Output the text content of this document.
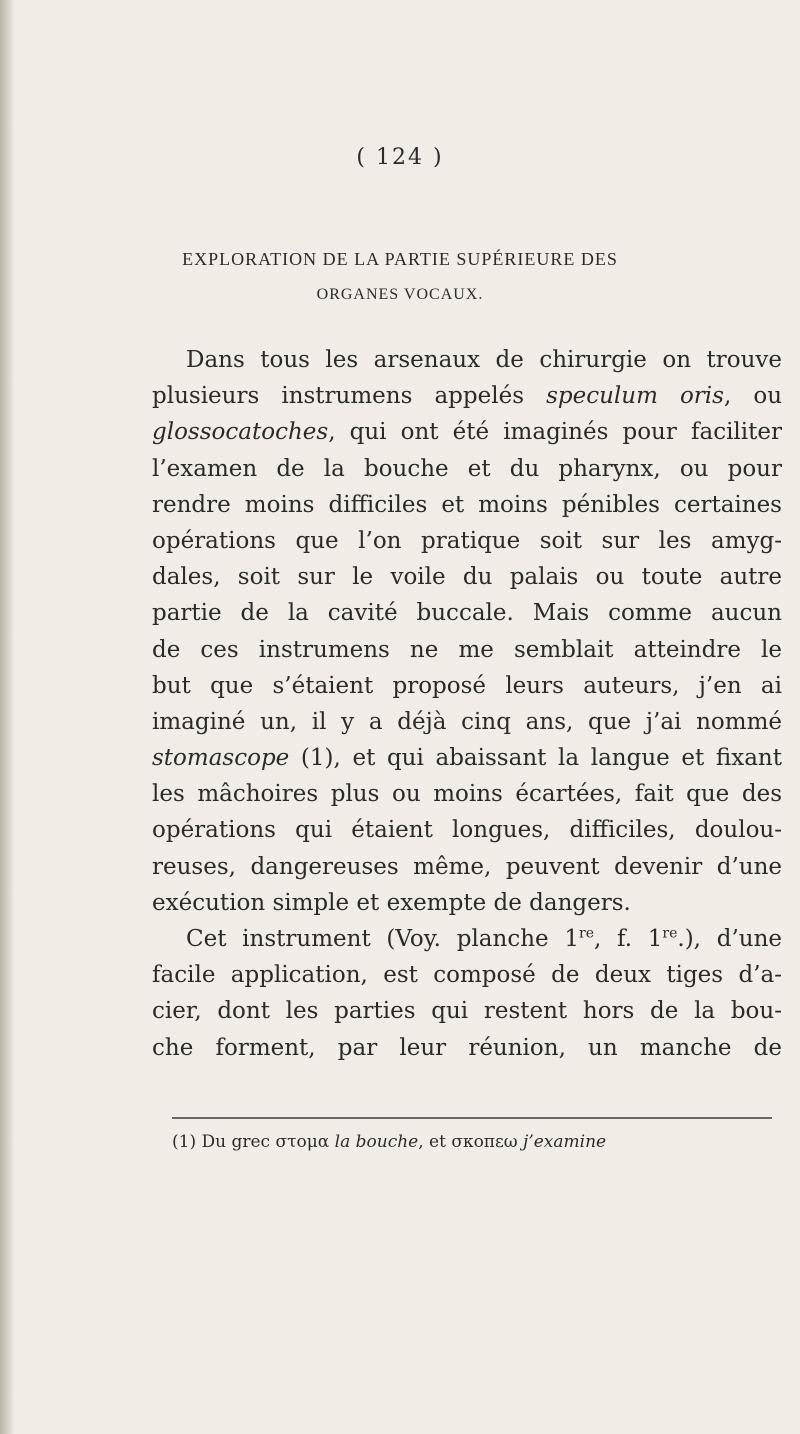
( 124 )
EXPLORATION DE LA PARTIE SUPÉRIEURE DES
ORGANES VOCAUX.
Dans tous les arsenaux de chirurgie on trouve
plusieurs instrumens appelés speculum oris, ou
glossocatoches, qui ont été imaginés pour faciliter
l’examen de la bouche et du pharynx, ou pour
rendre moins difficiles et moins pénibles certaines
opérations que l’on pratique soit sur les amyg-
dales, soit sur le voile du palais ou toute autre
partie de la cavité buccale. Mais comme aucun
de ces instrumens ne me semblait atteindre le
but que s’étaient proposé leurs auteurs, j’en ai
imaginé un, il y a déjà cinq ans, que j’ai nommé
stomascope (1), et qui abaissant la langue et fixant
les mâchoires plus ou moins écartées, fait que des
opérations qui étaient longues, difficiles, doulou-
reuses, dangereuses même, peuvent devenir d’une
exécution simple et exempte de dangers.
Cet instrument (Voy. planche 1re, f. 1re.), d’une
facile application, est composé de deux tiges d’a-
cier, dont les parties qui restent hors de la bou-
che forment, par leur réunion, un manche de
(1) Du grec στομα la bouche, et σκοπεω j’examine
